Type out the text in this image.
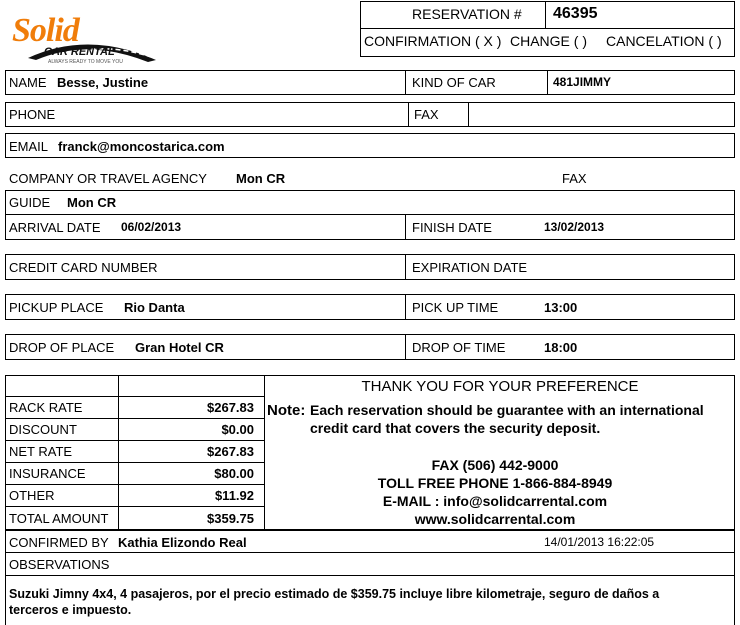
Solid
CAR RENTAL
ALWAYS READY TO MOVE YOU
RESERVATION # 46395
CONFIRMATION ( X ) CHANGE ( ) CANCELATION ( )
NAME Besse, Justine	KIND OF CAR	481JIMMY
PHONE	FAX
EMAIL franck@moncostarica.com
COMPANY OR TRAVEL AGENCY Mon CR	FAX
GUIDE Mon CR
ARRIVAL DATE 06/02/2013	FINISH DATE	13/02/2013
CREDIT CARD NUMBER	EXPIRATION DATE
PICKUP PLACE Rio Danta	PICK UP TIME	13:00
DROP OF PLACE Gran Hotel CR	DROP OF TIME	18:00
RACK RATE	$267.83
DISCOUNT	$0.00
NET RATE	$267.83
INSURANCE	$80.00
OTHER	$11.92
TOTAL AMOUNT	$359.75
THANK YOU FOR YOUR PREFERENCE
Note: Each reservation should be guarantee with an international
credit card that covers the security deposit.
FAX (506) 442-9000
TOLL FREE PHONE 1-866-884-8949
E-MAIL : info@solidcarrental.com
www.solidcarrental.com
CONFIRMED BY Kathia Elizondo Real	14/01/2013 16:22:05
OBSERVATIONS
Suzuki Jimny 4x4, 4 pasajeros, por el precio estimado de $359.75 incluye libre kilometraje, seguro de daños a
terceros e impuesto.
